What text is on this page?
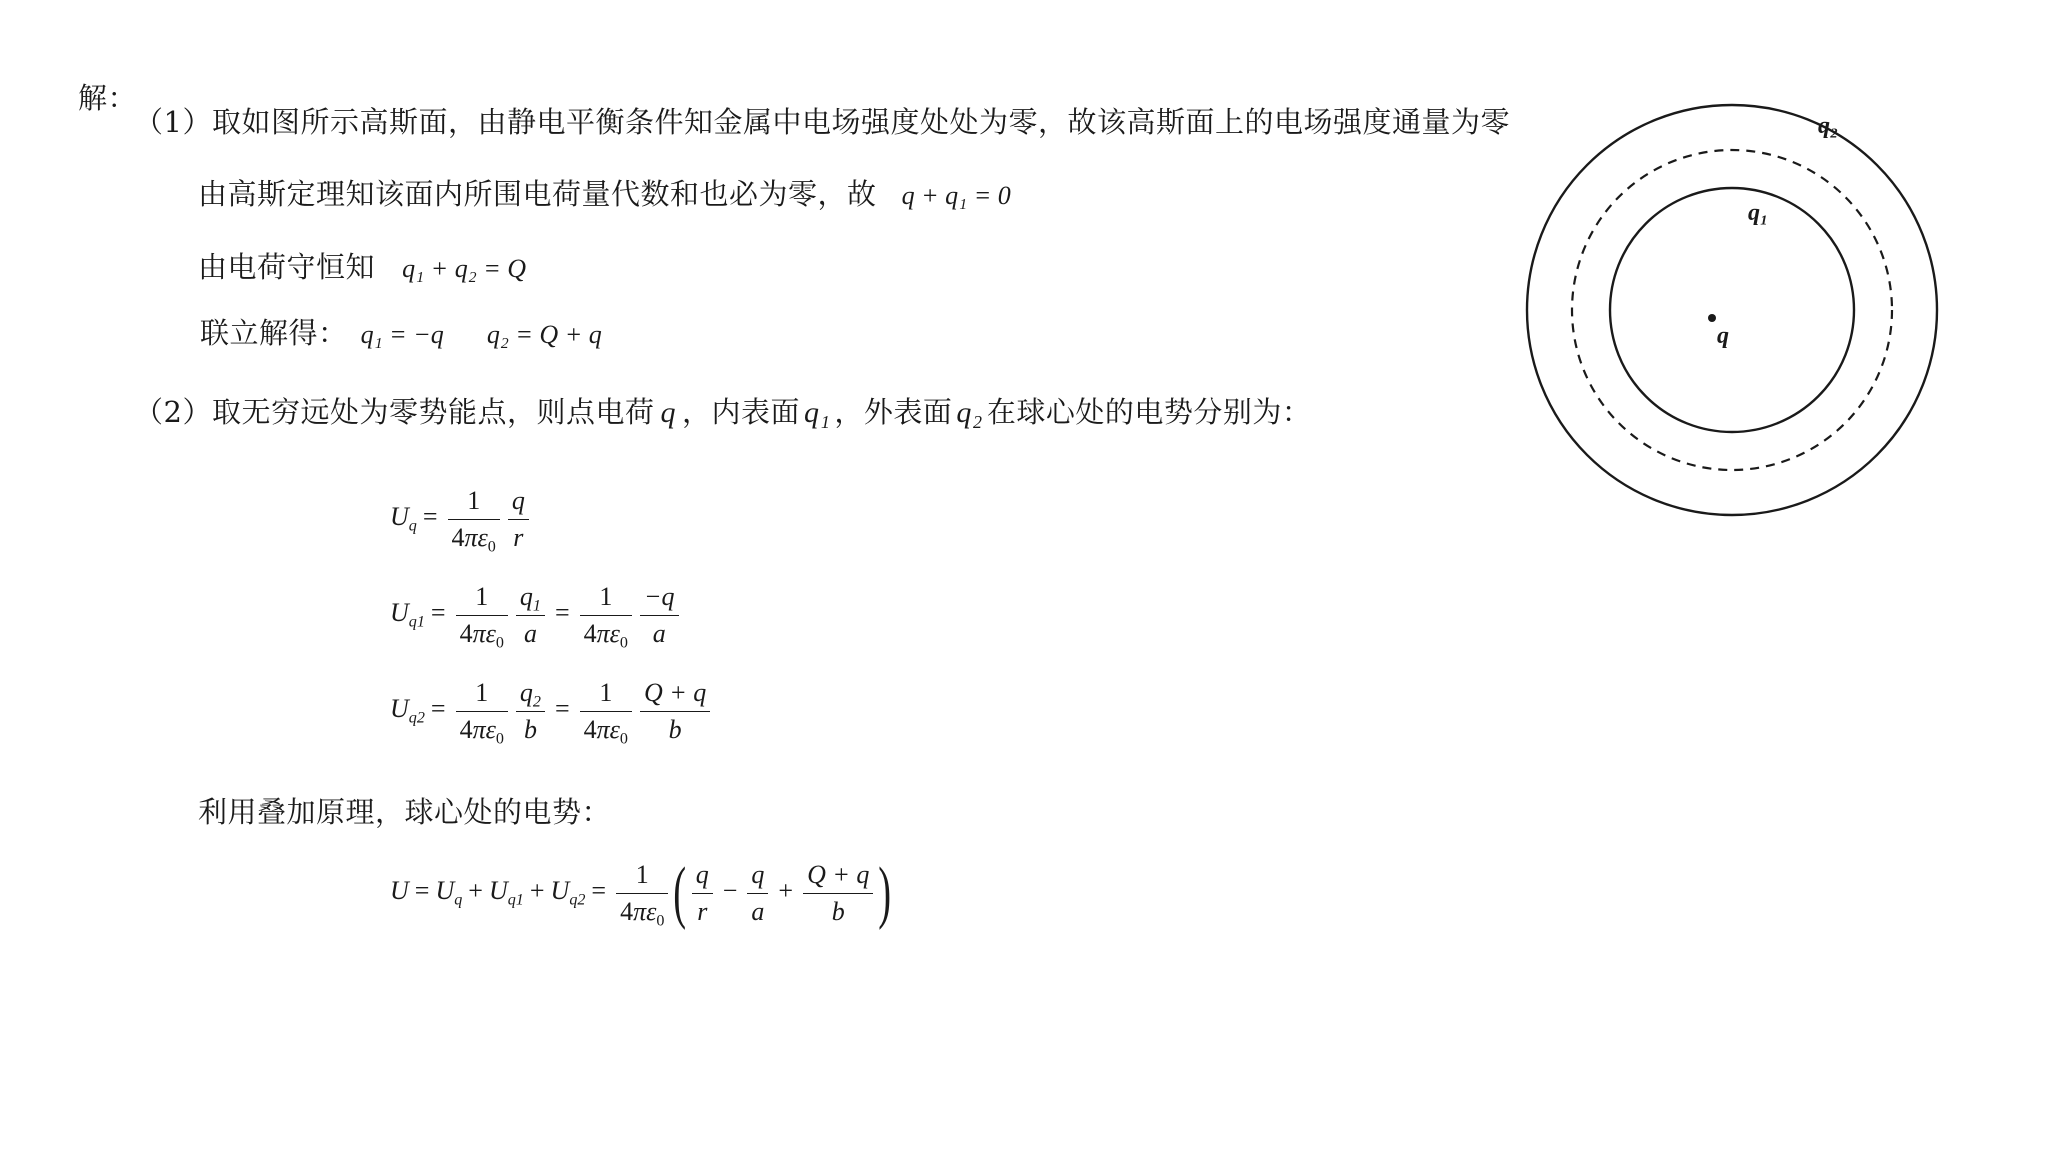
解：
（1）取如图所示高斯面，由静电平衡条件知金属中电场强度处处为零，故该高斯面上的电场强度通量为零
由高斯定理知该面内所围电荷量代数和也必为零，故 q + q₁ = 0
由电荷守恒知 q₁ + q₂ = Q
联立解得： q₁ = −q q₂ = Q + q
（2）取无穷远处为零势能点，则点电荷 q ，内表面 q₁ ，外表面 q₂ 在球心处的电势分别为：
$U_q = \frac{1}{4\pi\varepsilon_0} \frac{q}{r}$
$U_{q1} = \frac{1}{4\pi\varepsilon_0} \frac{q_1}{a} = \frac{1}{4\pi\varepsilon_0} \frac{-q}{a}$
$U_{q2} = \frac{1}{4\pi\varepsilon_0} \frac{q_2}{b} = \frac{1}{4\pi\varepsilon_0} \frac{Q + q}{b}$
利用叠加原理，球心处的电势：
$U = U_q + U_{q1} + U_{q2} = \frac{1}{4\pi\varepsilon_0}$ ( $\frac{q}{r} - \frac{q}{a} + \frac{Q + q}{b}$ )
q₂
q₁
q
